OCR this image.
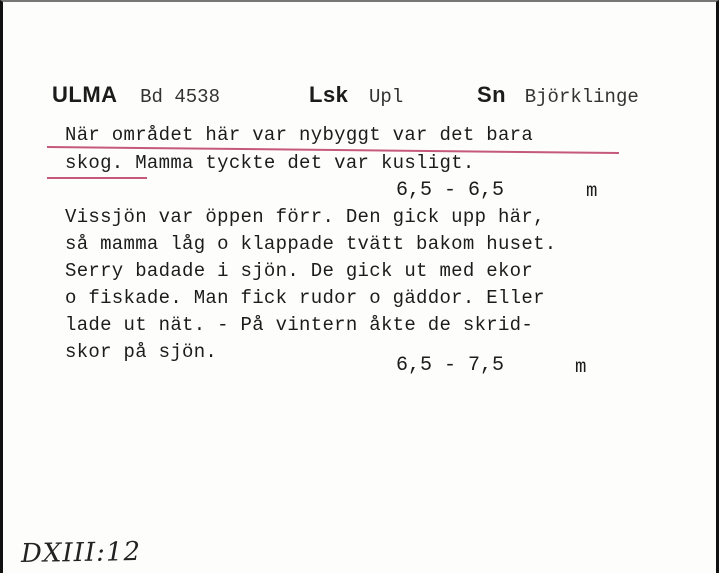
ULMA Bd 4538	Lsk Upl	Sn Björklinge
När området här var nybyggt var det bara
skog. Mamma tyckte det var kusligt.
6,5 - 6,5	m
Vissjön var öppen förr. Den gick upp här,
så mamma låg o klappade tvätt bakom huset.
Serry badade i sjön. De gick ut med ekor
o fiskade. Man fick rudor o gäddor. Eller
lade ut nät. - På vintern åkte de skrid-
skor på sjön.
6,5 - 7,5	m
DXIII:12
